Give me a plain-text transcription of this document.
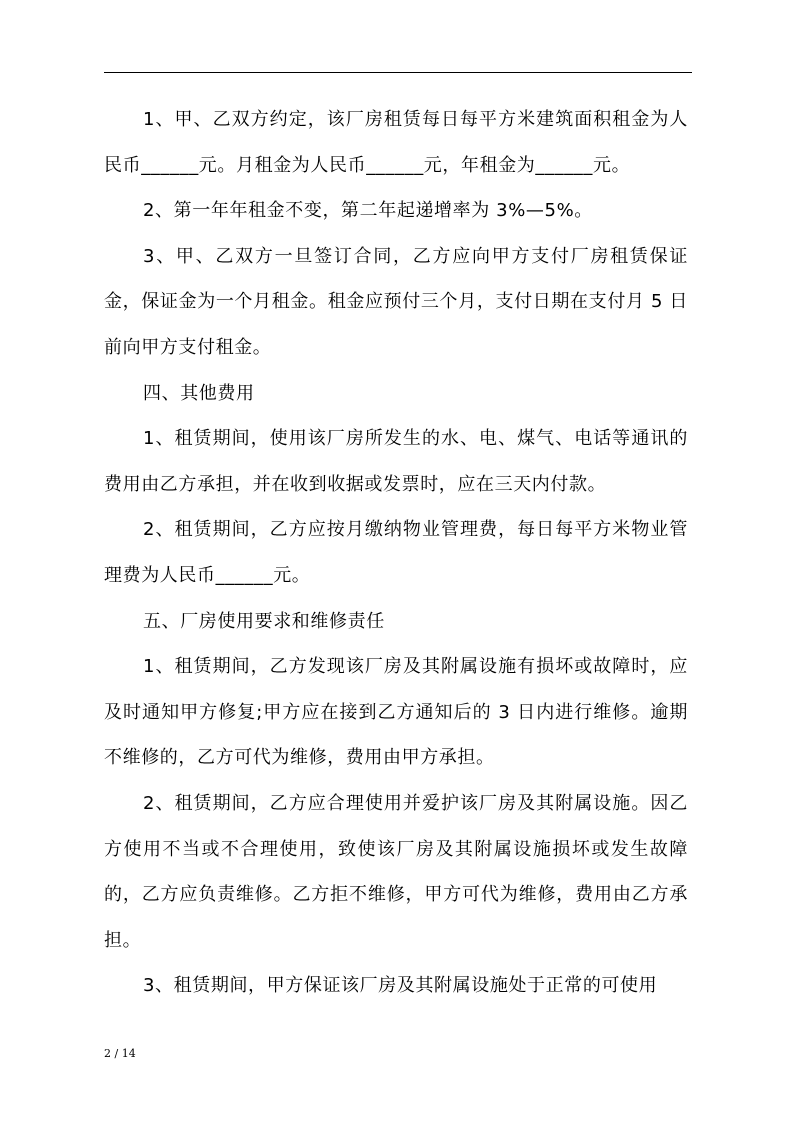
1、甲、乙双方约定，该厂房租赁每日每平方米建筑面积租金为人民币______元。月租金为人民币______元，年租金为______元。

2、第一年年租金不变，第二年起递增率为 3%—5%。

3、甲、乙双方一旦签订合同，乙方应向甲方支付厂房租赁保证金，保证金为一个月租金。租金应预付三个月，支付日期在支付月 5 日前向甲方支付租金。

四、其他费用

1、租赁期间，使用该厂房所发生的水、电、煤气、电话等通讯的费用由乙方承担，并在收到收据或发票时，应在三天内付款。

2、租赁期间，乙方应按月缴纳物业管理费，每日每平方米物业管理费为人民币______元。

五、厂房使用要求和维修责任

1、租赁期间，乙方发现该厂房及其附属设施有损坏或故障时，应及时通知甲方修复;甲方应在接到乙方通知后的 3 日内进行维修。逾期不维修的，乙方可代为维修，费用由甲方承担。

2、租赁期间，乙方应合理使用并爱护该厂房及其附属设施。因乙方使用不当或不合理使用，致使该厂房及其附属设施损坏或发生故障的，乙方应负责维修。乙方拒不维修，甲方可代为维修，费用由乙方承担。

3、租赁期间，甲方保证该厂房及其附属设施处于正常的可使用

2 / 14
